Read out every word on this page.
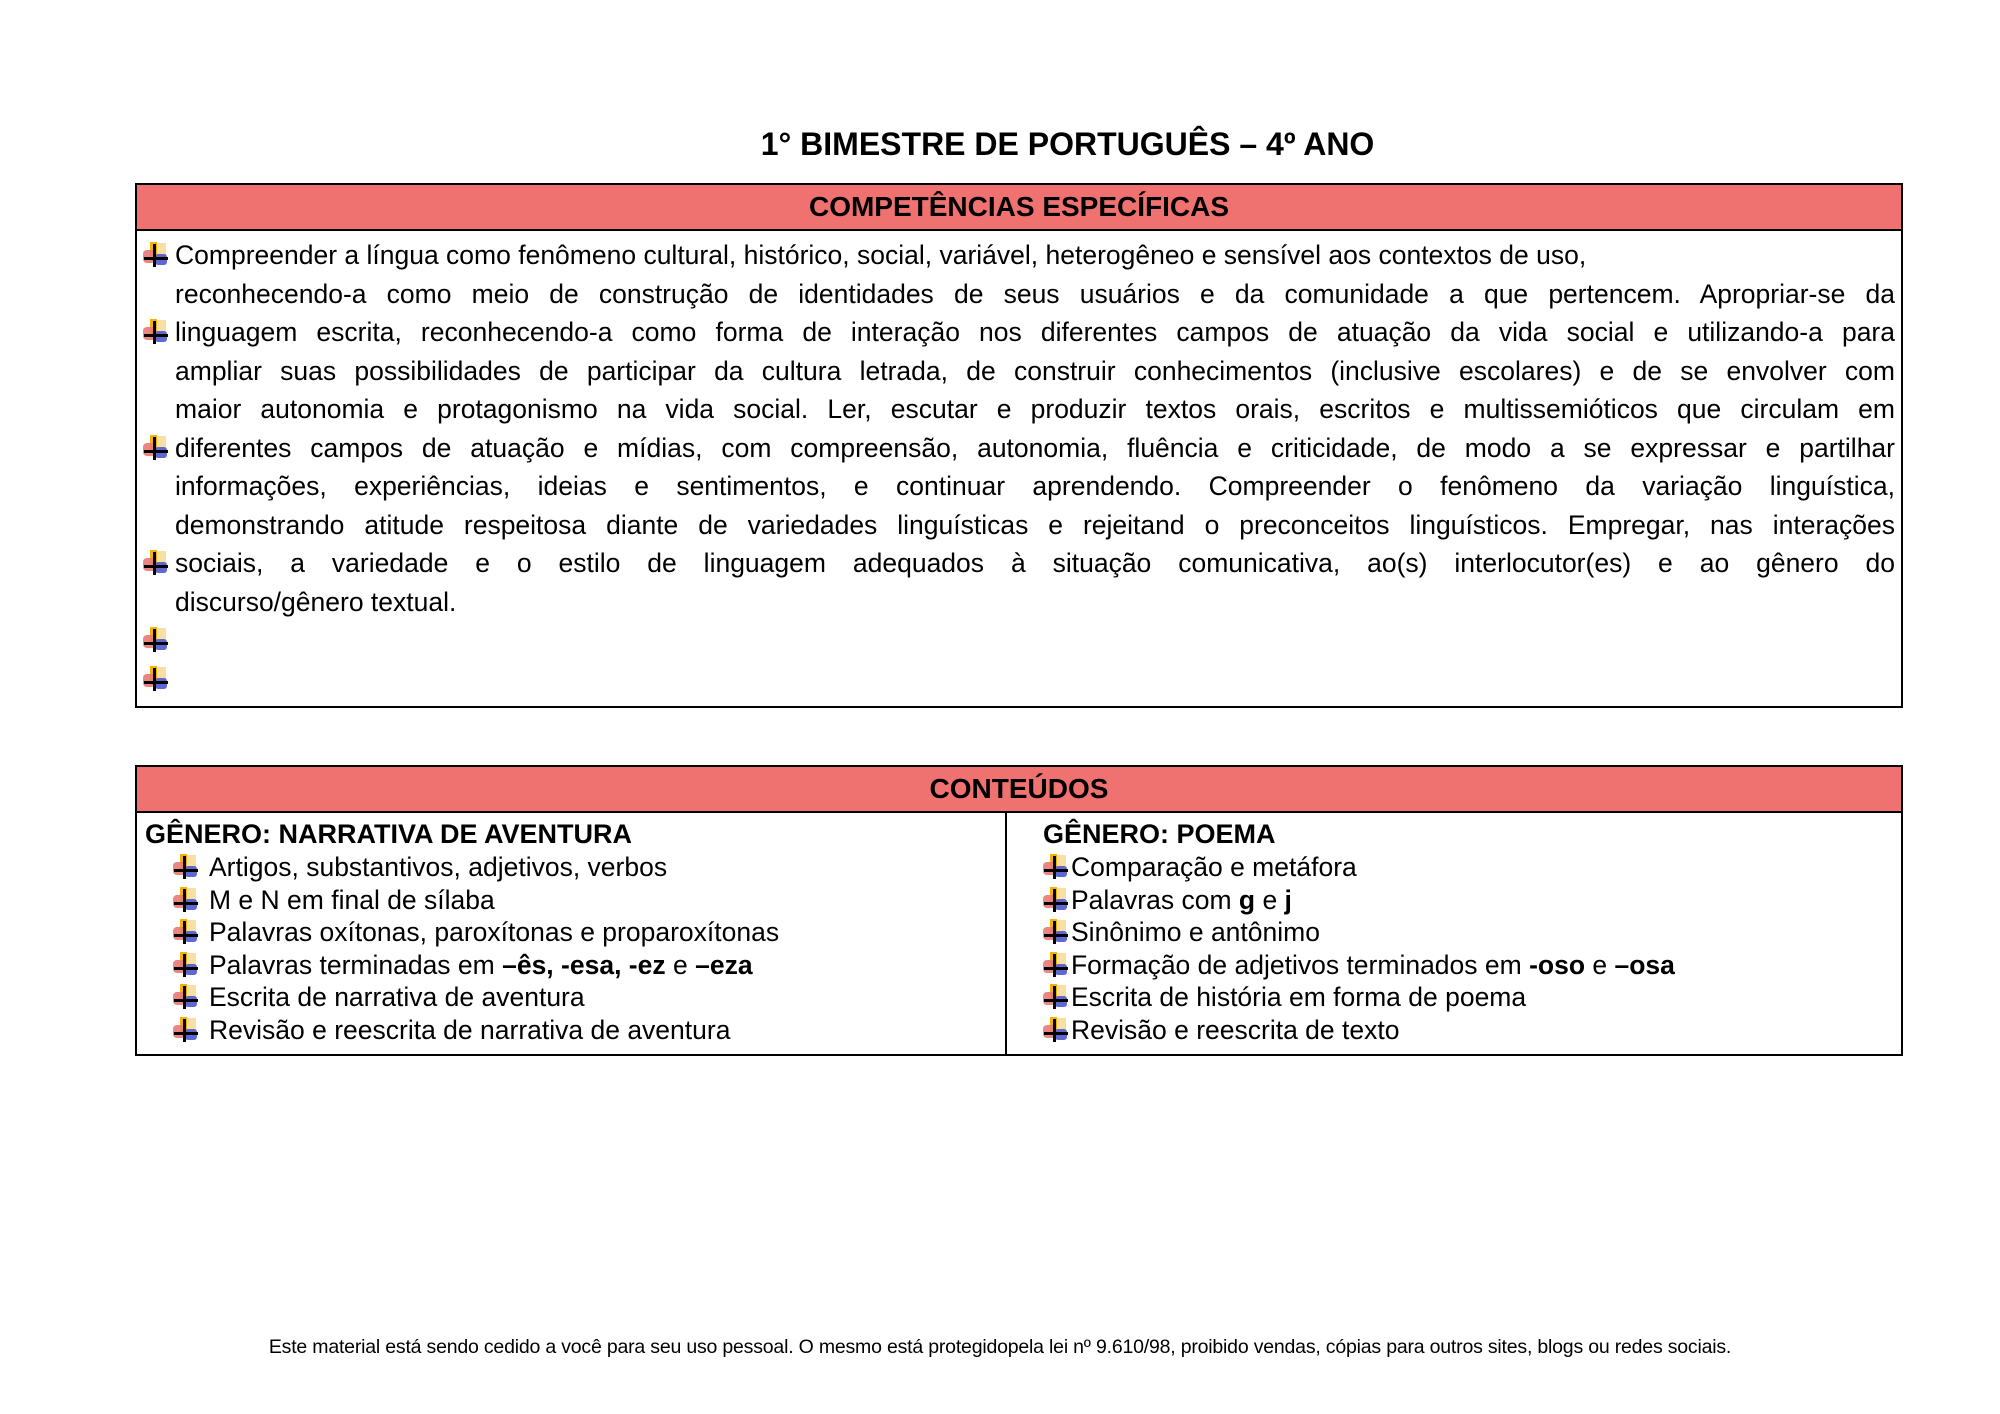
1° BIMESTRE DE PORTUGUÊS – 4º ANO
COMPETÊNCIAS ESPECÍFICAS
Compreender a língua como fenômeno cultural, histórico, social, variável, heterogêneo e sensível aos contextos de uso,
reconhecendo-a como meio de construção de identidades de seus usuários e da comunidade a que pertencem. Apropriar-se da
linguagem escrita, reconhecendo-a como forma de interação nos diferentes campos de atuação da vida social e utilizando-a para
ampliar suas possibilidades de participar da cultura letrada, de construir conhecimentos (inclusive escolares) e de se envolver com
maior autonomia e protagonismo na vida social. Ler, escutar e produzir textos orais, escritos e multissemióticos que circulam em
diferentes campos de atuação e mídias, com compreensão, autonomia, fluência e criticidade, de modo a se expressar e partilhar
informações, experiências, ideias e sentimentos, e continuar aprendendo. Compreender o fenômeno da variação linguística,
demonstrando atitude respeitosa diante de variedades linguísticas e rejeitand o preconceitos linguísticos. Empregar, nas interações
sociais, a variedade e o estilo de linguagem adequados à situação comunicativa, ao(s) interlocutor(es) e ao gênero do
discurso/gênero textual.
CONTEÚDOS
GÊNERO: NARRATIVA DE AVENTURA
Artigos, substantivos, adjetivos, verbos
M e N em final de sílaba
Palavras oxítonas, paroxítonas e proparoxítonas
Palavras terminadas em –ês, -esa, -ez e –eza
Escrita de narrativa de aventura
Revisão e reescrita de narrativa de aventura
GÊNERO: POEMA
Comparação e metáfora
Palavras com g e j
Sinônimo e antônimo
Formação de adjetivos terminados em -oso e –osa
Escrita de história em forma de poema
Revisão e reescrita de texto
Este material está sendo cedido a você para seu uso pessoal. O mesmo está protegidopela lei nº 9.610/98, proibido vendas, cópias para outros sites, blogs ou redes sociais.
